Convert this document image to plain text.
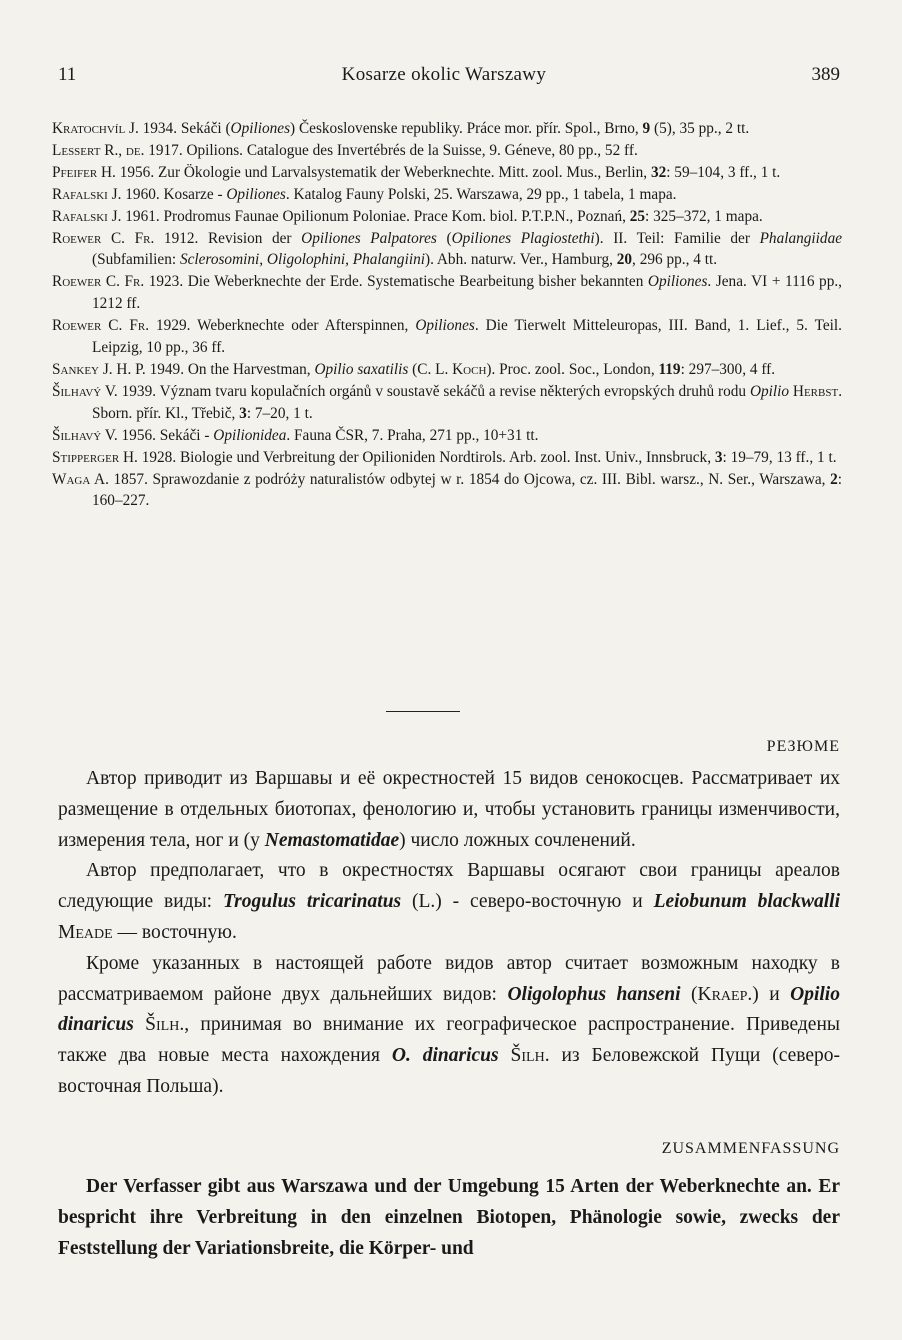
11	Kosarze okolic Warszawy	389
Kratochvíl J. 1934. Sekáči (Opiliones) Československe republiky. Práce mor. přír. Spol., Brno, 9 (5), 35 pp., 2 tt.
Lessert R., de. 1917. Opilions. Catalogue des Invertébrés de la Suisse, 9. Géneve, 80 pp., 52 ff.
Pfeifer H. 1956. Zur Ökologie und Larvalsystematik der Weberknechte. Mitt. zool. Mus., Berlin, 32: 59–104, 3 ff., 1 t.
Rafalski J. 1960. Kosarze - Opiliones. Katalog Fauny Polski, 25. Warszawa, 29 pp., 1 tabela, 1 mapa.
Rafalski J. 1961. Prodromus Faunae Opilionum Poloniae. Prace Kom. biol. P.T.P.N., Poznań, 25: 325–372, 1 mapa.
Roewer C. Fr. 1912. Revision der Opiliones Palpatores (Opiliones Plagiostethi). II. Teil: Familie der Phalangiidae (Subfamilien: Sclerosomini, Oligolophini, Phalangiini). Abh. naturw. Ver., Hamburg, 20, 296 pp., 4 tt.
Roewer C. Fr. 1923. Die Weberknechte der Erde. Systematische Bearbeitung bisher bekannten Opiliones. Jena. VI + 1116 pp., 1212 ff.
Roewer C. Fr. 1929. Weberknechte oder Afterspinnen, Opiliones. Die Tierwelt Mitteleuropas, III. Band, 1. Lief., 5. Teil. Leipzig, 10 pp., 36 ff.
Sankey J. H. P. 1949. On the Harvestman, Opilio saxatilis (C. L. Koch). Proc. zool. Soc., London, 119: 297–300, 4 ff.
Šilhavý V. 1939. Význam tvaru kopulačních orgánů v soustavě sekáčů a revise některých evropských druhů rodu Opilio Herbst. Sborn. přír. Kl., Třebič, 3: 7–20, 1 t.
Šilhavý V. 1956. Sekáči - Opilionidea. Fauna ČSR, 7. Praha, 271 pp., 10+31 tt.
Stipperger H. 1928. Biologie und Verbreitung der Opilioniden Nordtirols. Arb. zool. Inst. Univ., Innsbruck, 3: 19–79, 13 ff., 1 t.
Waga A. 1857. Sprawozdanie z podróży naturalistów odbytej w r. 1854 do Ojcowa, cz. III. Bibl. warsz., N. Ser., Warszawa, 2: 160–227.
РЕЗЮМЕ

Автор приводит из Варшавы и её окрестностей 15 видов сенокосцев. Рассматривает их размещение в отдельных биотопах, фенологию и, чтобы установить границы изменчивости, измерения тела, ног и (у Nemastomatidae) число ложных сочленений.

Автор предполагает, что в окрестностях Варшавы осягают свои границы ареалов следующие виды: Trogulus tricarinatus (L.) - северо-восточную и Leiobunum blackwalli Meade — восточную.

Кроме указанных в настоящей работе видов автор считает возможным находку в рассматриваемом районе двух дальнейших видов: Oligolophus hanseni (Kraep.) и Opilio dinaricus Šilh., принимая во внимание их географическое распространение. Приведены также два новые места нахождения O. dinaricus Šilh. из Беловежской Пущи (северо-восточная Польша).

ZUSAMMENFASSUNG

Der Verfasser gibt aus Warszawa und der Umgebung 15 Arten der Weberknechte an. Er bespricht ihre Verbreitung in den einzelnen Biotopen, Phänologie sowie, zwecks der Feststellung der Variationsbreite, die Körper- und
